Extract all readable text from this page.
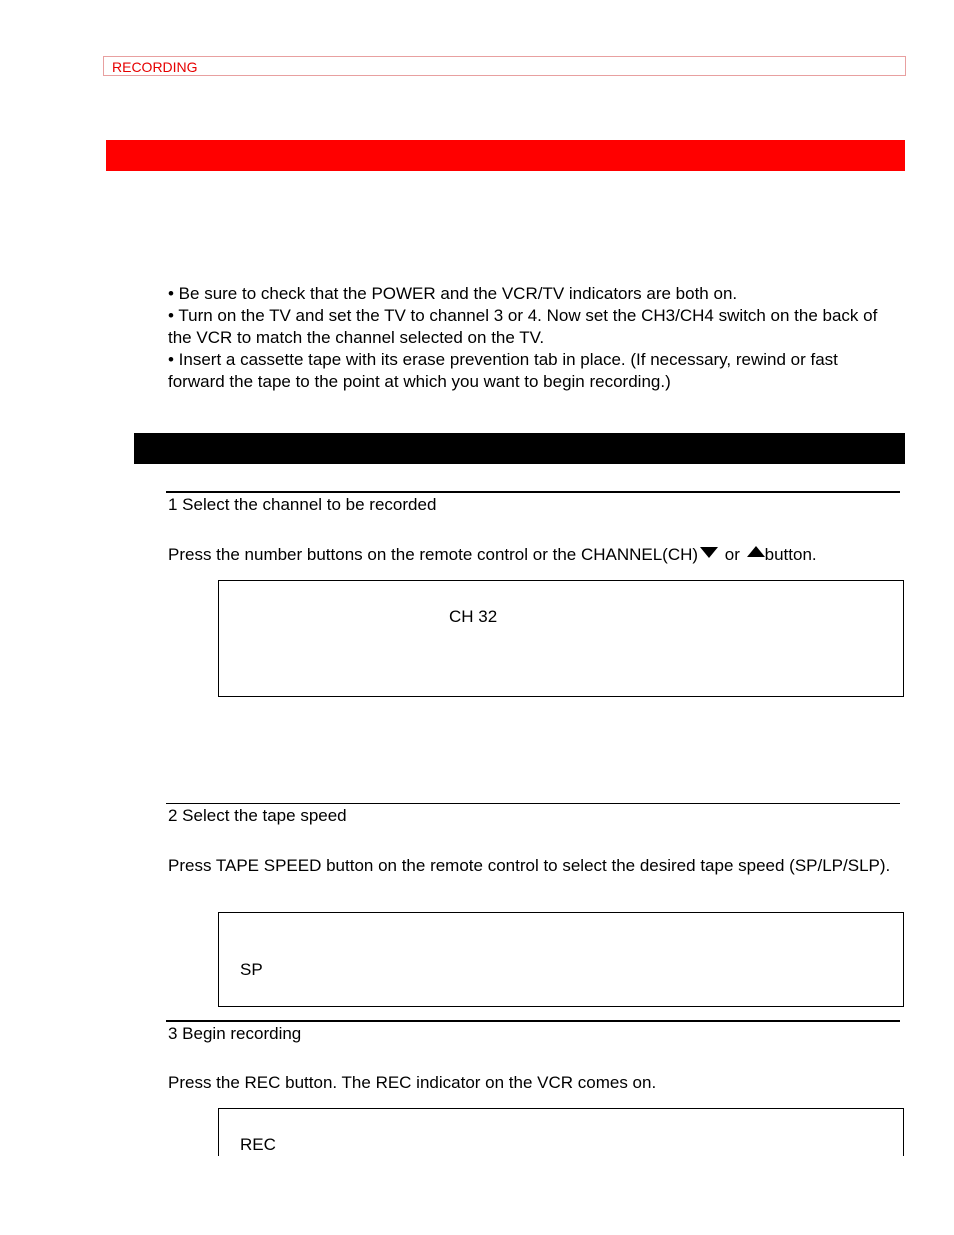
RECORDING

• Be sure to check that the POWER and the VCR/TV indicators are both on.

• Turn on the TV and set the TV to channel 3 or 4. Now set the CH3/CH4 switch on the back of the VCR to match the channel selected on the TV.

• Insert a cassette tape with its erase prevention tab in place. (If necessary, rewind or fast forward the tape to the point at which you want to begin recording.)

1 Select the channel to be recorded
Press the number buttons on the remote control or the CHANNEL(CH) or button.
CH 32
2 Select the tape speed
Press TAPE SPEED button on the remote control to select the desired tape speed (SP/LP/SLP).
SP
3 Begin recording
Press the REC button. The REC indicator on the VCR comes on.
REC
